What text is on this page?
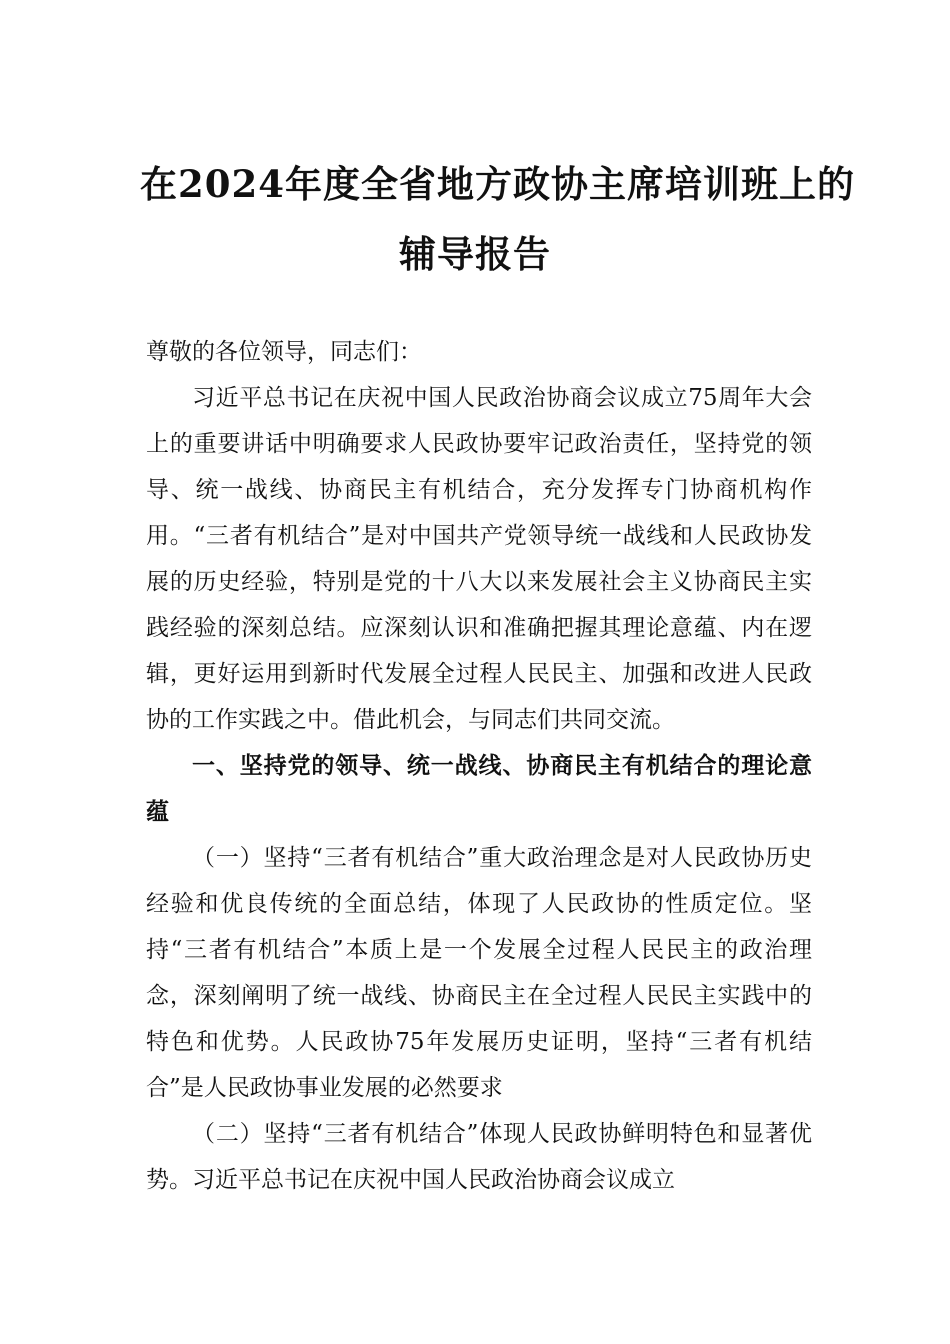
在2024年度全省地方政协主席培训班上的
辅导报告
尊敬的各位领导，同志们：

习近平总书记在庆祝中国人民政治协商会议成立75周年大会上的重要讲话中明确要求人民政协要牢记政治责任，坚持党的领导、统一战线、协商民主有机结合，充分发挥专门协商机构作用。“三者有机结合”是对中国共产党领导统一战线和人民政协发展的历史经验，特别是党的十八大以来发展社会主义协商民主实践经验的深刻总结。应深刻认识和准确把握其理论意蕴、内在逻辑，更好运用到新时代发展全过程人民民主、加强和改进人民政协的工作实践之中。借此机会，与同志们共同交流。

一、坚持党的领导、统一战线、协商民主有机结合的理论意蕴

（一）坚持“三者有机结合”重大政治理念是对人民政协历史经验和优良传统的全面总结，体现了人民政协的性质定位。坚持“三者有机结合”本质上是一个发展全过程人民民主的政治理念，深刻阐明了统一战线、协商民主在全过程人民民主实践中的特色和优势。人民政协75年发展历史证明，坚持“三者有机结合”是人民政协事业发展的必然要求

（二）坚持“三者有机结合”体现人民政协鲜明特色和显著优势。习近平总书记在庆祝中国人民政治协商会议成立
